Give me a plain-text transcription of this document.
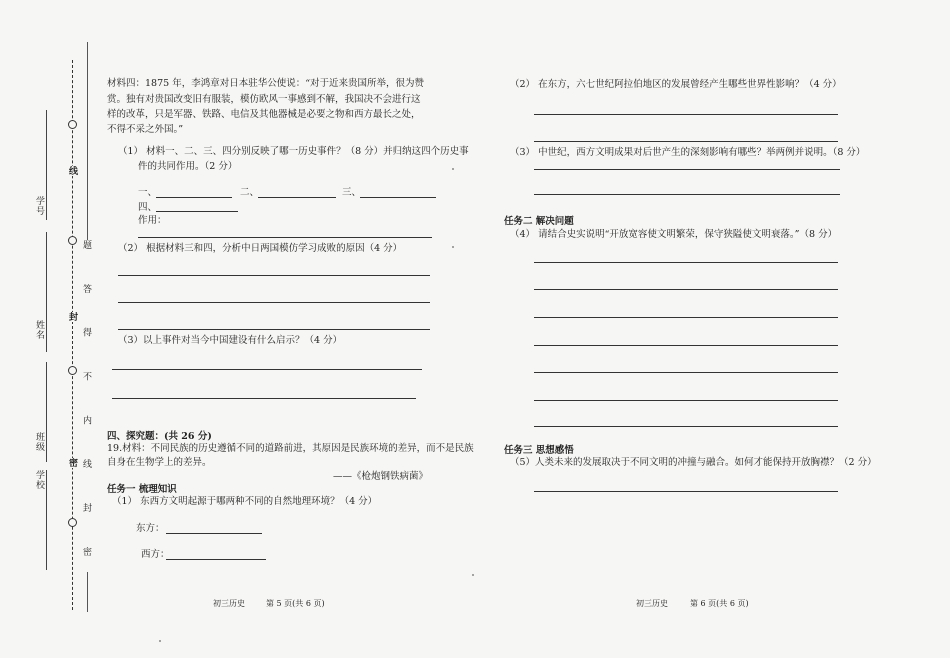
学号
姓名
班级
学校
线
封
密 题 答 得 不 内 线 封 密
材料四：1875 年，李鸿章对日本驻华公使说：“对于近来贵国所举，很为赞
赏。独有对贵国改变旧有服装，模仿欧风一事感到不解，我国决不会进行这
样的改革，只是军器、铁路、电信及其他器械是必要之物和西方最长之处，
不得不采之外国。”
（1） 材料一、二、三、四分别反映了哪一历史事件？（8 分）并归纳这四个历史事
件的共同作用。（2 分）
一、	二、	三、
四、
作用：
（2） 根据材料三和四，分析中日两国模仿学习成败的原因（4 分）
（3）以上事件对当今中国建设有什么启示？（4 分）
四、探究题：(共 26 分)
19.材料：不同民族的历史遵循不同的道路前进，其原因是民族环境的差异，而不是民族
自身在生物学上的差异。
——《枪炮钢铁病菌》
任务一 梳理知识
（1） 东西方文明起源于哪两种不同的自然地理环境？（4 分）
东方：
西方：
初三历史	第 5 页(共 6 页)
（2） 在东方，六七世纪阿拉伯地区的发展曾经产生哪些世界性影响？（4 分）
（3） 中世纪，西方文明成果对后世产生的深刻影响有哪些？举两例并说明。（8 分）
任务二 解决问题
（4） 请结合史实说明“开放宽容使文明繁荣，保守狭隘使文明衰落。”（8 分）
任务三 思想感悟
（5）人类未来的发展取决于不同文明的冲撞与融合。如何才能保持开放胸襟？（2 分）
初三历史	第 6 页(共 6 页)
